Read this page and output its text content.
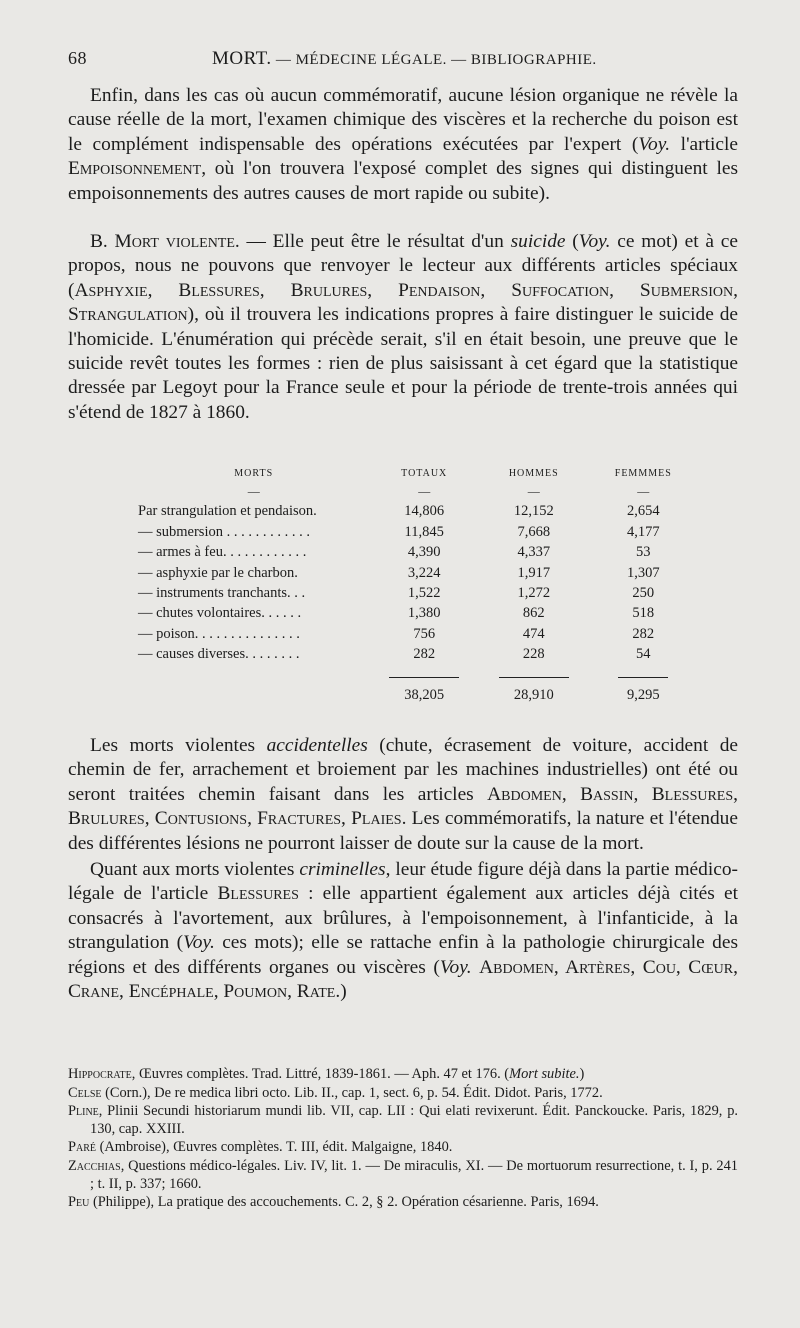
68	MORT. — MÉDECINE LÉGALE. — BIBLIOGRAPHIE.

Enfin, dans les cas où aucun commémoratif, aucune lésion organique ne révèle la cause réelle de la mort, l'examen chimique des viscères et la recherche du poison est le complément indispensable des opérations exécutées par l'expert (Voy. l'article Empoisonnement, où l'on trouvera l'exposé complet des signes qui distinguent les empoisonnements des autres causes de mort rapide ou subite).

B. Mort violente. — Elle peut être le résultat d'un suicide (Voy. ce mot) et à ce propos, nous ne pouvons que renvoyer le lecteur aux différents articles spéciaux (Asphyxie, Blessures, Brulures, Pendaison, Suffocation, Submersion, Strangulation), où il trouvera les indications propres à faire distinguer le suicide de l'homicide. L'énumération qui précède serait, s'il en était besoin, une preuve que le suicide revêt toutes les formes : rien de plus saisissant à cet égard que la statistique dressée par Legoyt pour la France seule et pour la période de trente-trois années qui s'étend de 1827 à 1860.

MORTS	TOTAUX	HOMMES	FEMMMES
—	—	—	—
Par strangulation et pendaison.	14,806	12,152	2,654
— submersion . . . . . . . . . . . .	11,845	7,668	4,177
— armes à feu. . . . . . . . . . . .	4,390	4,337	53
— asphyxie par le charbon.	3,224	1,917	1,307
— instruments tranchants. . .	1,522	1,272	250
— chutes volontaires. . . . . .	1,380	862	518
— poison. . . . . . . . . . . . . . .	756	474	282
— causes diverses. . . . . . . .	282	228	54

	38,205	28,910	9,295

Les morts violentes accidentelles (chute, écrasement de voiture, accident de chemin de fer, arrachement et broiement par les machines industrielles) ont été ou seront traitées chemin faisant dans les articles Abdomen, Bassin, Blessures, Brulures, Contusions, Fractures, Plaies. Les commémoratifs, la nature et l'étendue des différentes lésions ne pourront laisser de doute sur la cause de la mort.

Quant aux morts violentes criminelles, leur étude figure déjà dans la partie médico-légale de l'article Blessures : elle appartient également aux articles déjà cités et consacrés à l'avortement, aux brûlures, à l'empoisonnement, à l'infanticide, à la strangulation (Voy. ces mots); elle se rattache enfin à la pathologie chirurgicale des régions et des différents organes ou viscères (Voy. Abdomen, Artères, Cou, Cœur, Crane, Encéphale, Poumon, Rate.)

Hippocrate, Œuvres complètes. Trad. Littré, 1839-1861. — Aph. 47 et 176. (Mort subite.)

Celse (Corn.), De re medica libri octo. Lib. II., cap. 1, sect. 6, p. 54. Édit. Didot. Paris, 1772.

Pline, Plinii Secundi historiarum mundi lib. VII, cap. LII : Qui elati revixerunt. Édit. Panckoucke. Paris, 1829, p. 130, cap. XXIII.

Paré (Ambroise), Œuvres complètes. T. III, édit. Malgaigne, 1840.

Zacchias, Questions médico-légales. Liv. IV, lit. 1. — De miraculis, XI. — De mortuorum resurrectione, t. I, p. 241 ; t. II, p. 337; 1660.

Peu (Philippe), La pratique des accouchements. C. 2, § 2. Opération césarienne. Paris, 1694.
